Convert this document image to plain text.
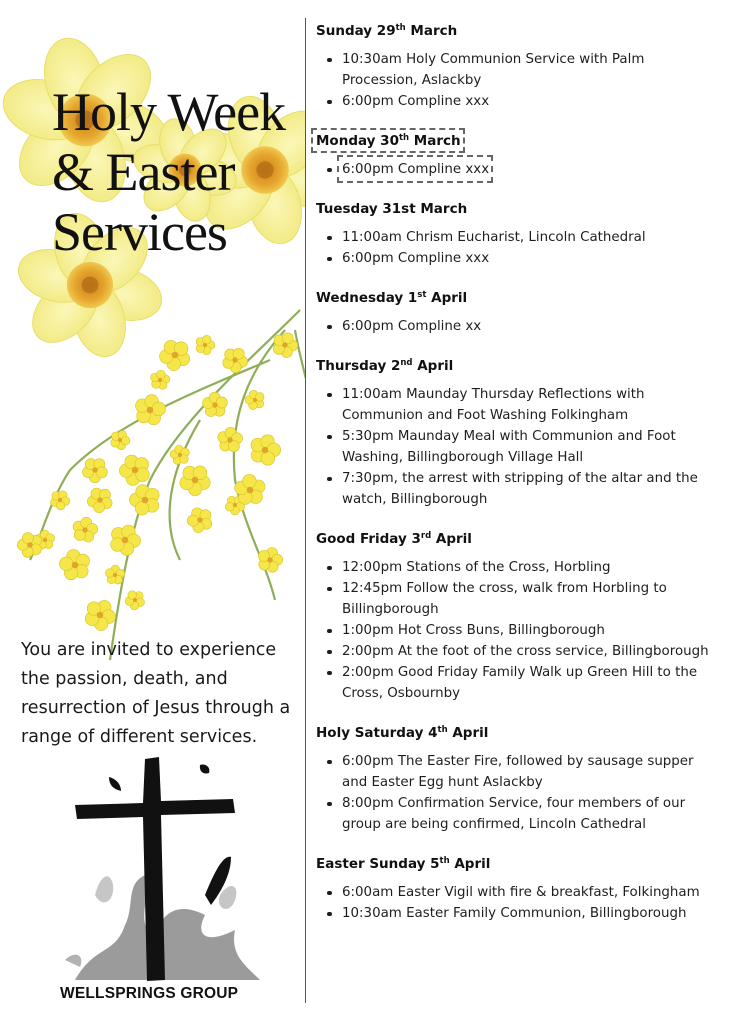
Holy Week
& Easter
Services
You are invited to experience the passion, death, and resurrection of Jesus through a range of different services.
WELLSPRINGS GROUP
Sunday 29th March
10:30am Holy Communion Service with Palm Procession, Aslackby
6:00pm Compline xxx
Monday 30th March
6:00pm Compline xxx
Tuesday 31st March
11:00am Chrism Eucharist, Lincoln Cathedral
6:00pm Compline xxx
Wednesday 1st April
6:00pm Compline xx
Thursday 2nd April
11:00am Maunday Thursday Reflections with Communion and Foot Washing Folkingham
5:30pm Maunday Meal with Communion and Foot Washing, Billingborough Village Hall
7:30pm, the arrest with stripping of the altar and the watch, Billingborough
Good Friday 3rd April
12:00pm Stations of the Cross, Horbling
12:45pm Follow the cross, walk from Horbling to Billingborough
1:00pm Hot Cross Buns, Billingborough
2:00pm At the foot of the cross service, Billingborough
2:00pm Good Friday Family Walk up Green Hill to the Cross, Osbournby
Holy Saturday 4th April
6:00pm The Easter Fire, followed by sausage supper and Easter Egg hunt Aslackby
8:00pm Confirmation Service, four members of our group are being confirmed, Lincoln Cathedral
Easter Sunday 5th April
6:00am Easter Vigil with fire & breakfast, Folkingham
10:30am Easter Family Communion, Billingborough
